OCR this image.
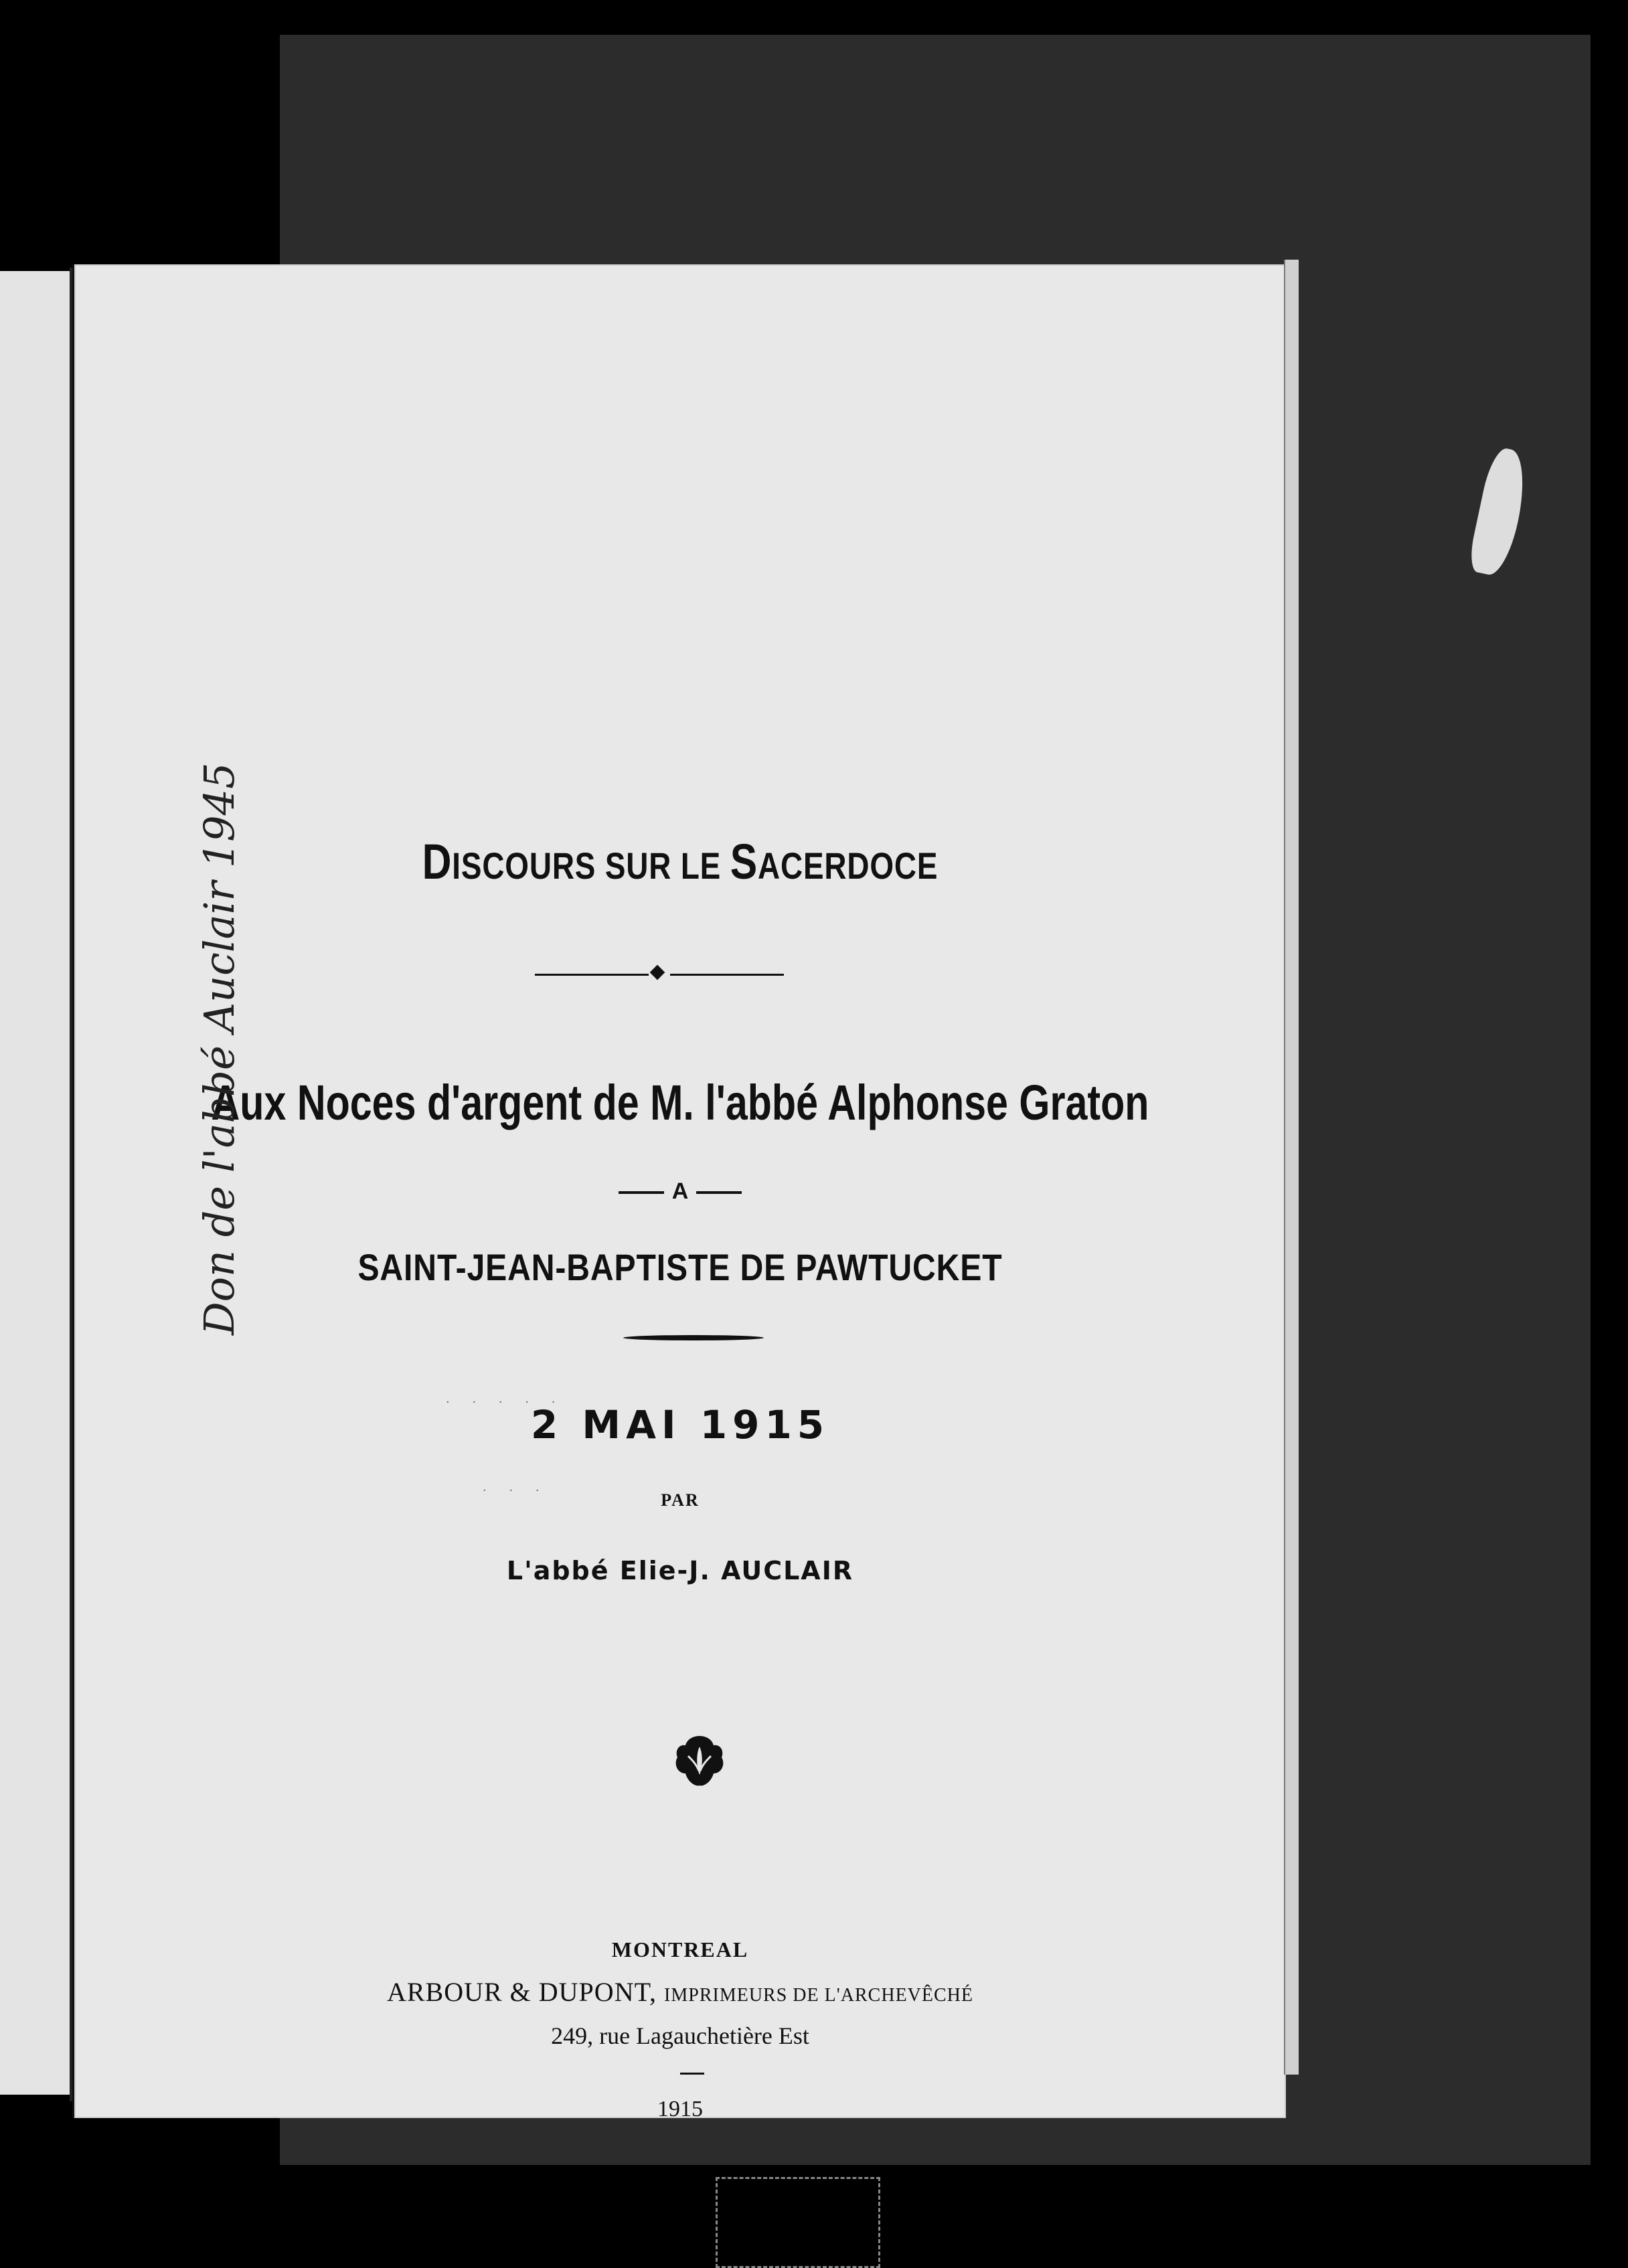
DISCOURS SUR LE SACERDOCE
Aux Noces d'argent de M. l'abbé Alphonse Graton
A
SAINT-JEAN-BAPTISTE DE PAWTUCKET
2 MAI 1915
PAR
L'abbé Elie-J. AUCLAIR
· · · · ·
· · ·
MONTREAL
ARBOUR & DUPONT, IMPRIMEURS DE L'ARCHEVÊCHÉ
249, rue Lagauchetière Est
1915
Don de l'abbé Auclair 1945
